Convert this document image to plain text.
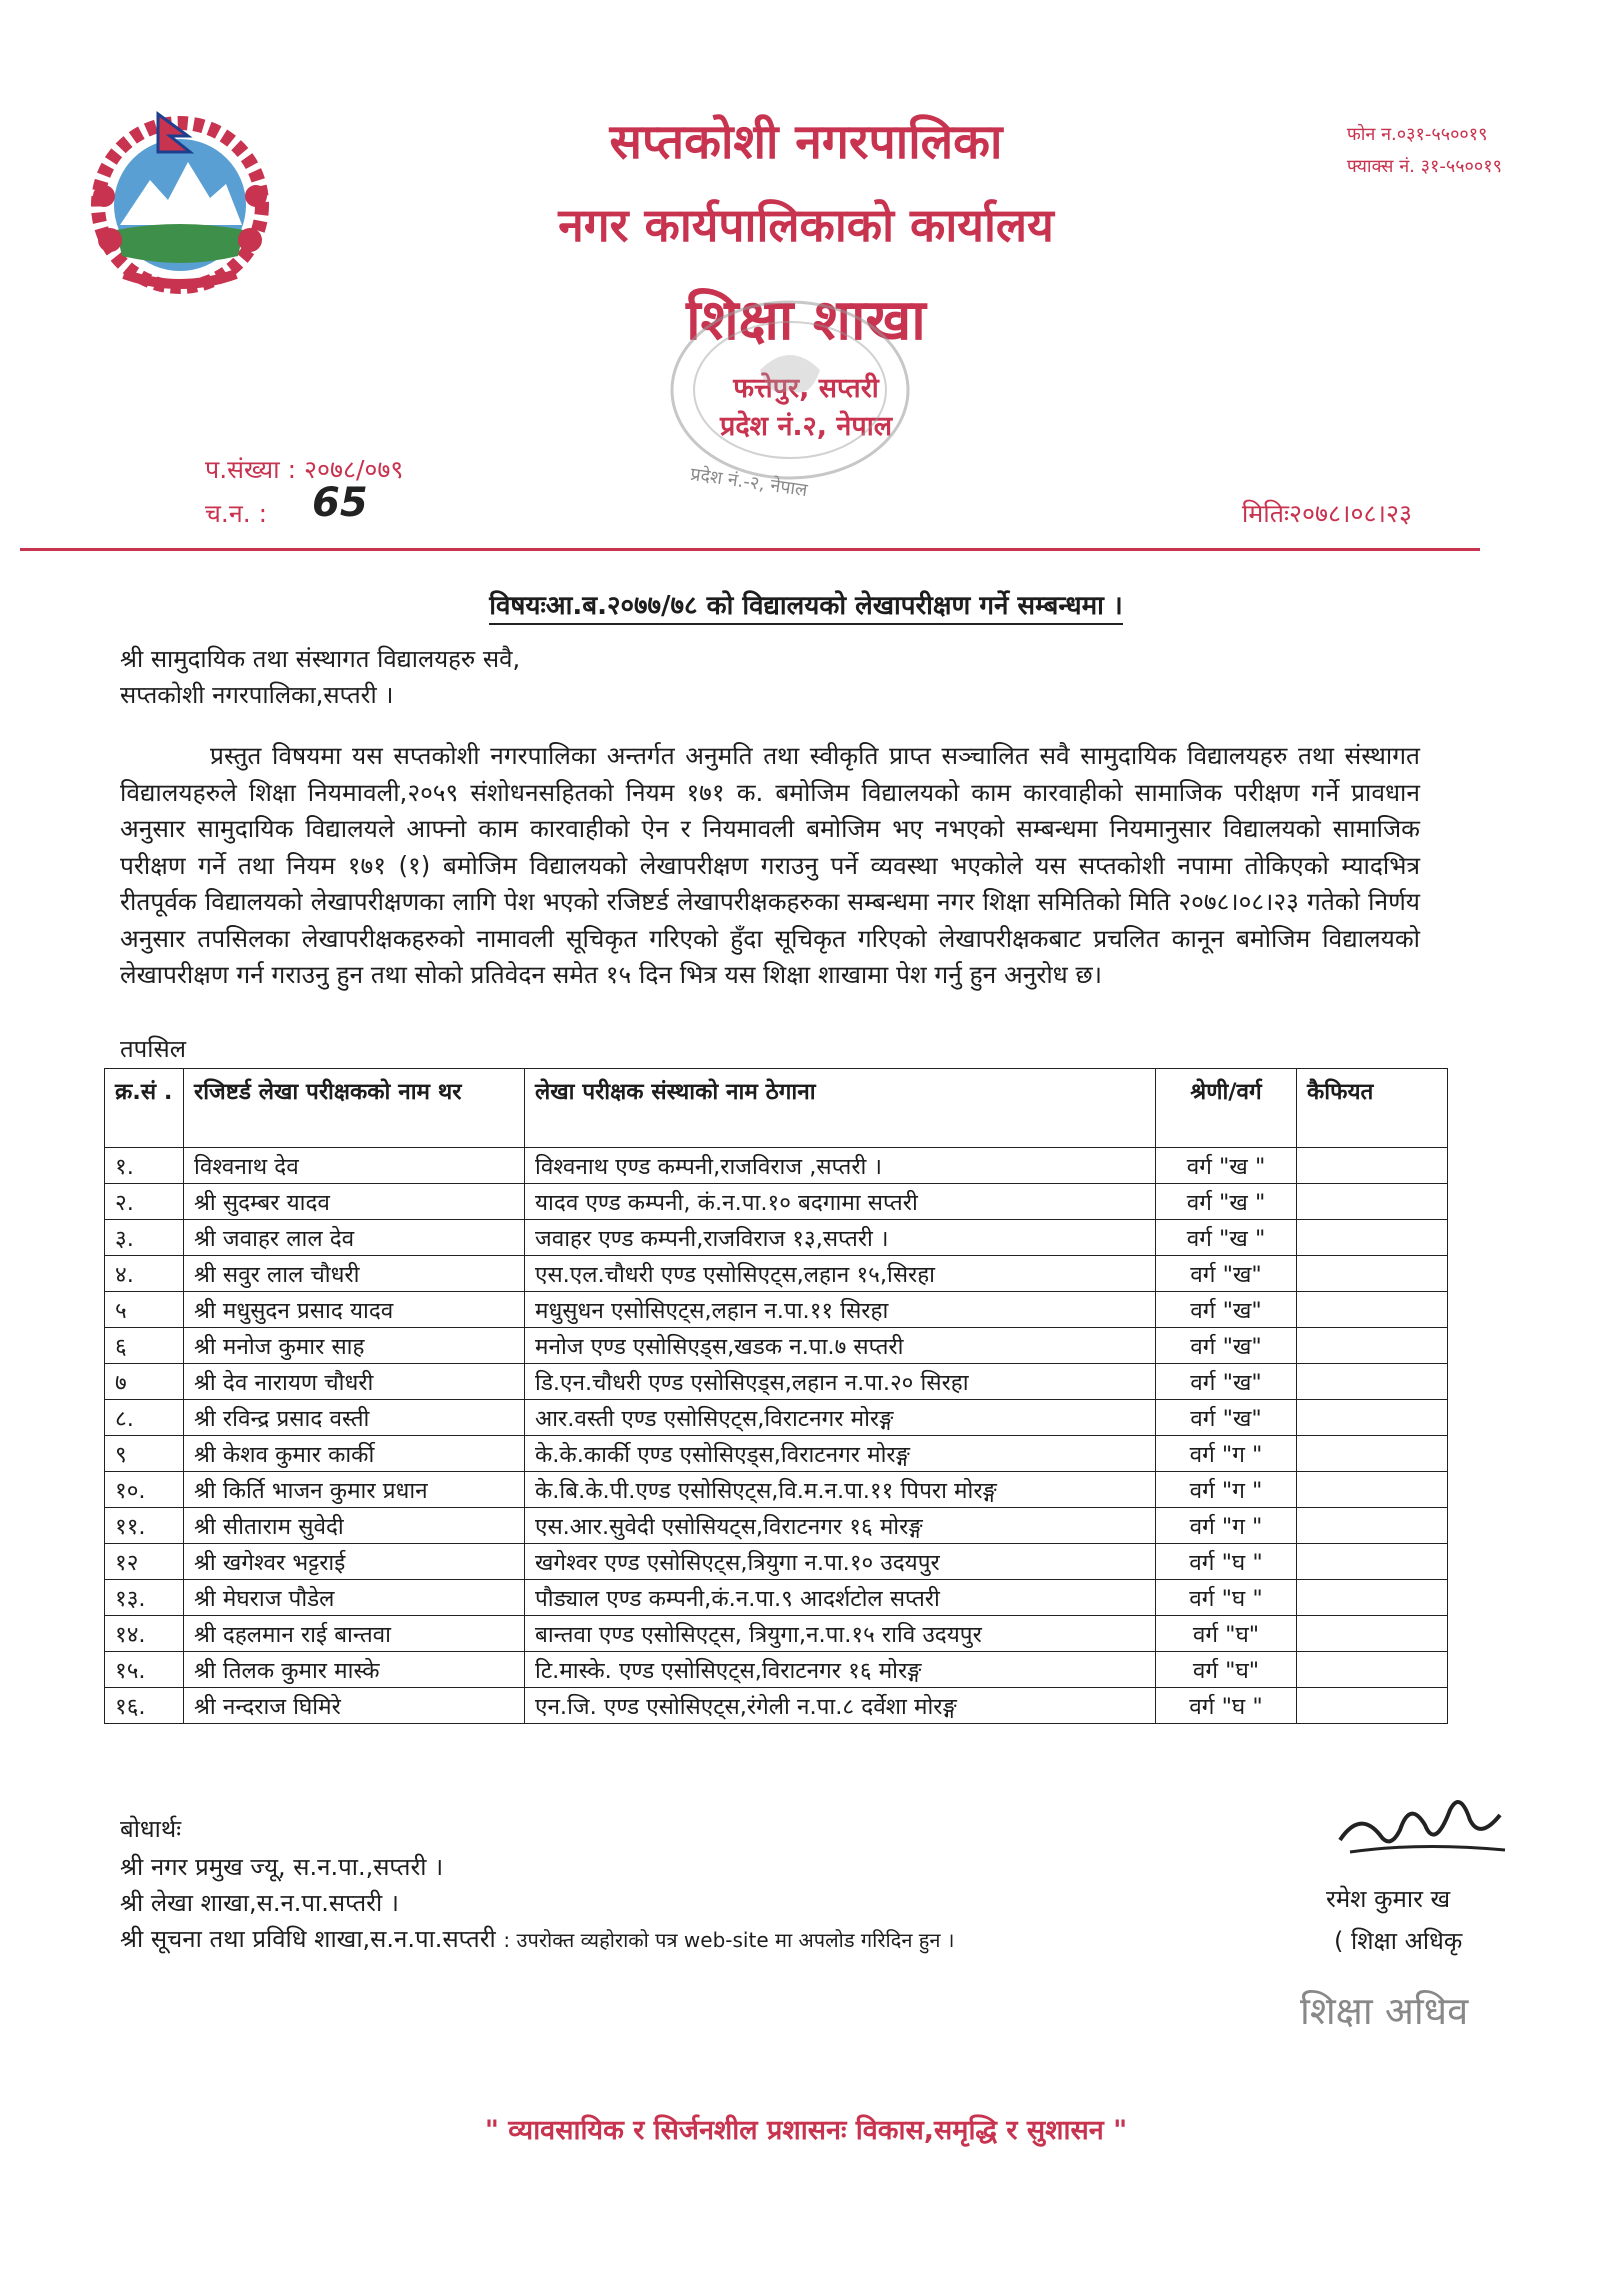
सप्तकोशी नगरपालिका
नगर कार्यपालिकाको कार्यालय
शिक्षा शाखा
फत्तेपुर, सप्तरी
प्रदेश नं.२, नेपाल
फोन न.०३१-५५००१९
फ्याक्स नं. ३१-५५००१९
प्रदेश नं.-२, नेपाल
प.संख्या : २०७८/०७९
च.न. : 65	मितिः२०७८।०८।२३
विषयःआ.ब.२०७७/७८ को विद्यालयको लेखापरीक्षण गर्ने सम्बन्धमा ।
श्री सामुदायिक तथा संस्थागत विद्यालयहरु सवै,
सप्तकोशी नगरपालिका,सप्तरी ।

प्रस्तुत विषयमा यस सप्तकोशी नगरपालिका अन्तर्गत अनुमति तथा स्वीकृति प्राप्त सञ्चालित सवै सामुदायिक विद्यालयहरु तथा संस्थागत विद्यालयहरुले शिक्षा नियमावली,२०५९ संशोधनसहितको नियम १७१ क. बमोजिम विद्यालयको काम कारवाहीको सामाजिक परीक्षण गर्ने प्रावधान अनुसार सामुदायिक विद्यालयले आफ्नो काम कारवाहीको ऐन र नियमावली बमोजिम भए नभएको सम्बन्धमा नियमानुसार विद्यालयको सामाजिक परीक्षण गर्ने तथा नियम १७१ (१) बमोजिम विद्यालयको लेखापरीक्षण गराउनु पर्ने व्यवस्था भएकोले यस सप्तकोशी नपामा तोकिएको म्यादभित्र रीतपूर्वक विद्यालयको लेखापरीक्षणका लागि पेश भएको रजिष्टर्ड लेखापरीक्षकहरुका सम्बन्धमा नगर शिक्षा समितिको मिति २०७८।०८।२३ गतेको निर्णय अनुसार तपसिलका लेखापरीक्षकहरुको नामावली सूचिकृत गरिएको हुँदा सूचिकृत गरिएको लेखापरीक्षकबाट प्रचलित कानून बमोजिम विद्यालयको लेखापरीक्षण गर्न गराउनु हुन तथा सोको प्रतिवेदन समेत १५ दिन भित्र यस शिक्षा शाखामा पेश गर्नु हुन अनुरोध छ।

तपसिल
क्र.सं .	रजिष्टर्ड लेखा परीक्षकको नाम थर	लेखा परीक्षक संस्थाको नाम ठेगाना	श्रेणी/वर्ग	कैफियत
१.	विश्वनाथ देव	विश्वनाथ एण्ड कम्पनी,राजविराज ,सप्तरी ।	वर्ग "ख "	
२.	श्री सुदम्बर यादव	यादव एण्ड कम्पनी, कं.न.पा.१० बदगामा सप्तरी	वर्ग "ख "	
३.	श्री जवाहर लाल देव	जवाहर एण्ड कम्पनी,राजविराज १३,सप्तरी ।	वर्ग "ख "	
४.	श्री सवुर लाल चौधरी	एस.एल.चौधरी एण्ड एसोसिएट्स,लहान १५,सिरहा	वर्ग "ख"	
५	श्री मधुसुदन प्रसाद यादव	मधुसुधन एसोसिएट्स,लहान न.पा.११ सिरहा	वर्ग "ख"	
६	श्री मनोज कुमार साह	मनोज एण्ड एसोसिएड्स,खडक न.पा.७ सप्तरी	वर्ग "ख"	
७	श्री देव नारायण चौधरी	डि.एन.चौधरी एण्ड एसोसिएड्स,लहान न.पा.२० सिरहा	वर्ग "ख"	
८.	श्री रविन्द्र प्रसाद वस्ती	आर.वस्ती एण्ड एसोसिएट्स,विराटनगर मोरङ्ग	वर्ग "ख"	
९	श्री केशव कुमार कार्की	के.के.कार्की एण्ड एसोसिएड्स,विराटनगर मोरङ्ग	वर्ग "ग "	
१०.	श्री किर्ति भाजन कुमार प्रधान	के.बि.के.पी.एण्ड एसोसिएट्स,वि.म.न.पा.११ पिपरा मोरङ्ग	वर्ग "ग "	
११.	श्री सीताराम सुवेदी	एस.आर.सुवेदी एसोसियट्स,विराटनगर १६ मोरङ्ग	वर्ग "ग "	
१२	श्री खगेश्वर भट्टराई	खगेश्वर एण्ड एसोसिएट्स,त्रियुगा न.पा.१० उदयपुर	वर्ग "घ "	
१३.	श्री मेघराज पौडेल	पौड्याल एण्ड कम्पनी,कं.न.पा.९ आदर्शटोल सप्तरी	वर्ग "घ "	
१४.	श्री दहलमान राई बान्तवा	बान्तवा एण्ड एसोसिएट्स, त्रियुगा,न.पा.१५ रावि उदयपुर	वर्ग "घ"	
१५.	श्री तिलक कुमार मास्के	टि.मास्के. एण्ड एसोसिएट्स,विराटनगर १६ मोरङ्ग	वर्ग "घ"	
१६.	श्री नन्दराज घिमिरे	एन.जि. एण्ड एसोसिएट्स,रंगेली न.पा.८ दर्वेशा मोरङ्ग	वर्ग "घ "	
बोधार्थः
श्री नगर प्रमुख ज्यू, स.न.पा.,सप्तरी ।
श्री लेखा शाखा,स.न.पा.सप्तरी ।
श्री सूचना तथा प्रविधि शाखा,स.न.पा.सप्तरी : उपरोक्त व्यहोराको पत्र web-site मा अपलोड गरिदिन हुन ।
रमेश कुमार ख
( शिक्षा अधिकृ
शिक्षा अधिव
" व्यावसायिक र सिर्जनशील प्रशासनः विकास,समृद्धि र सुशासन "
